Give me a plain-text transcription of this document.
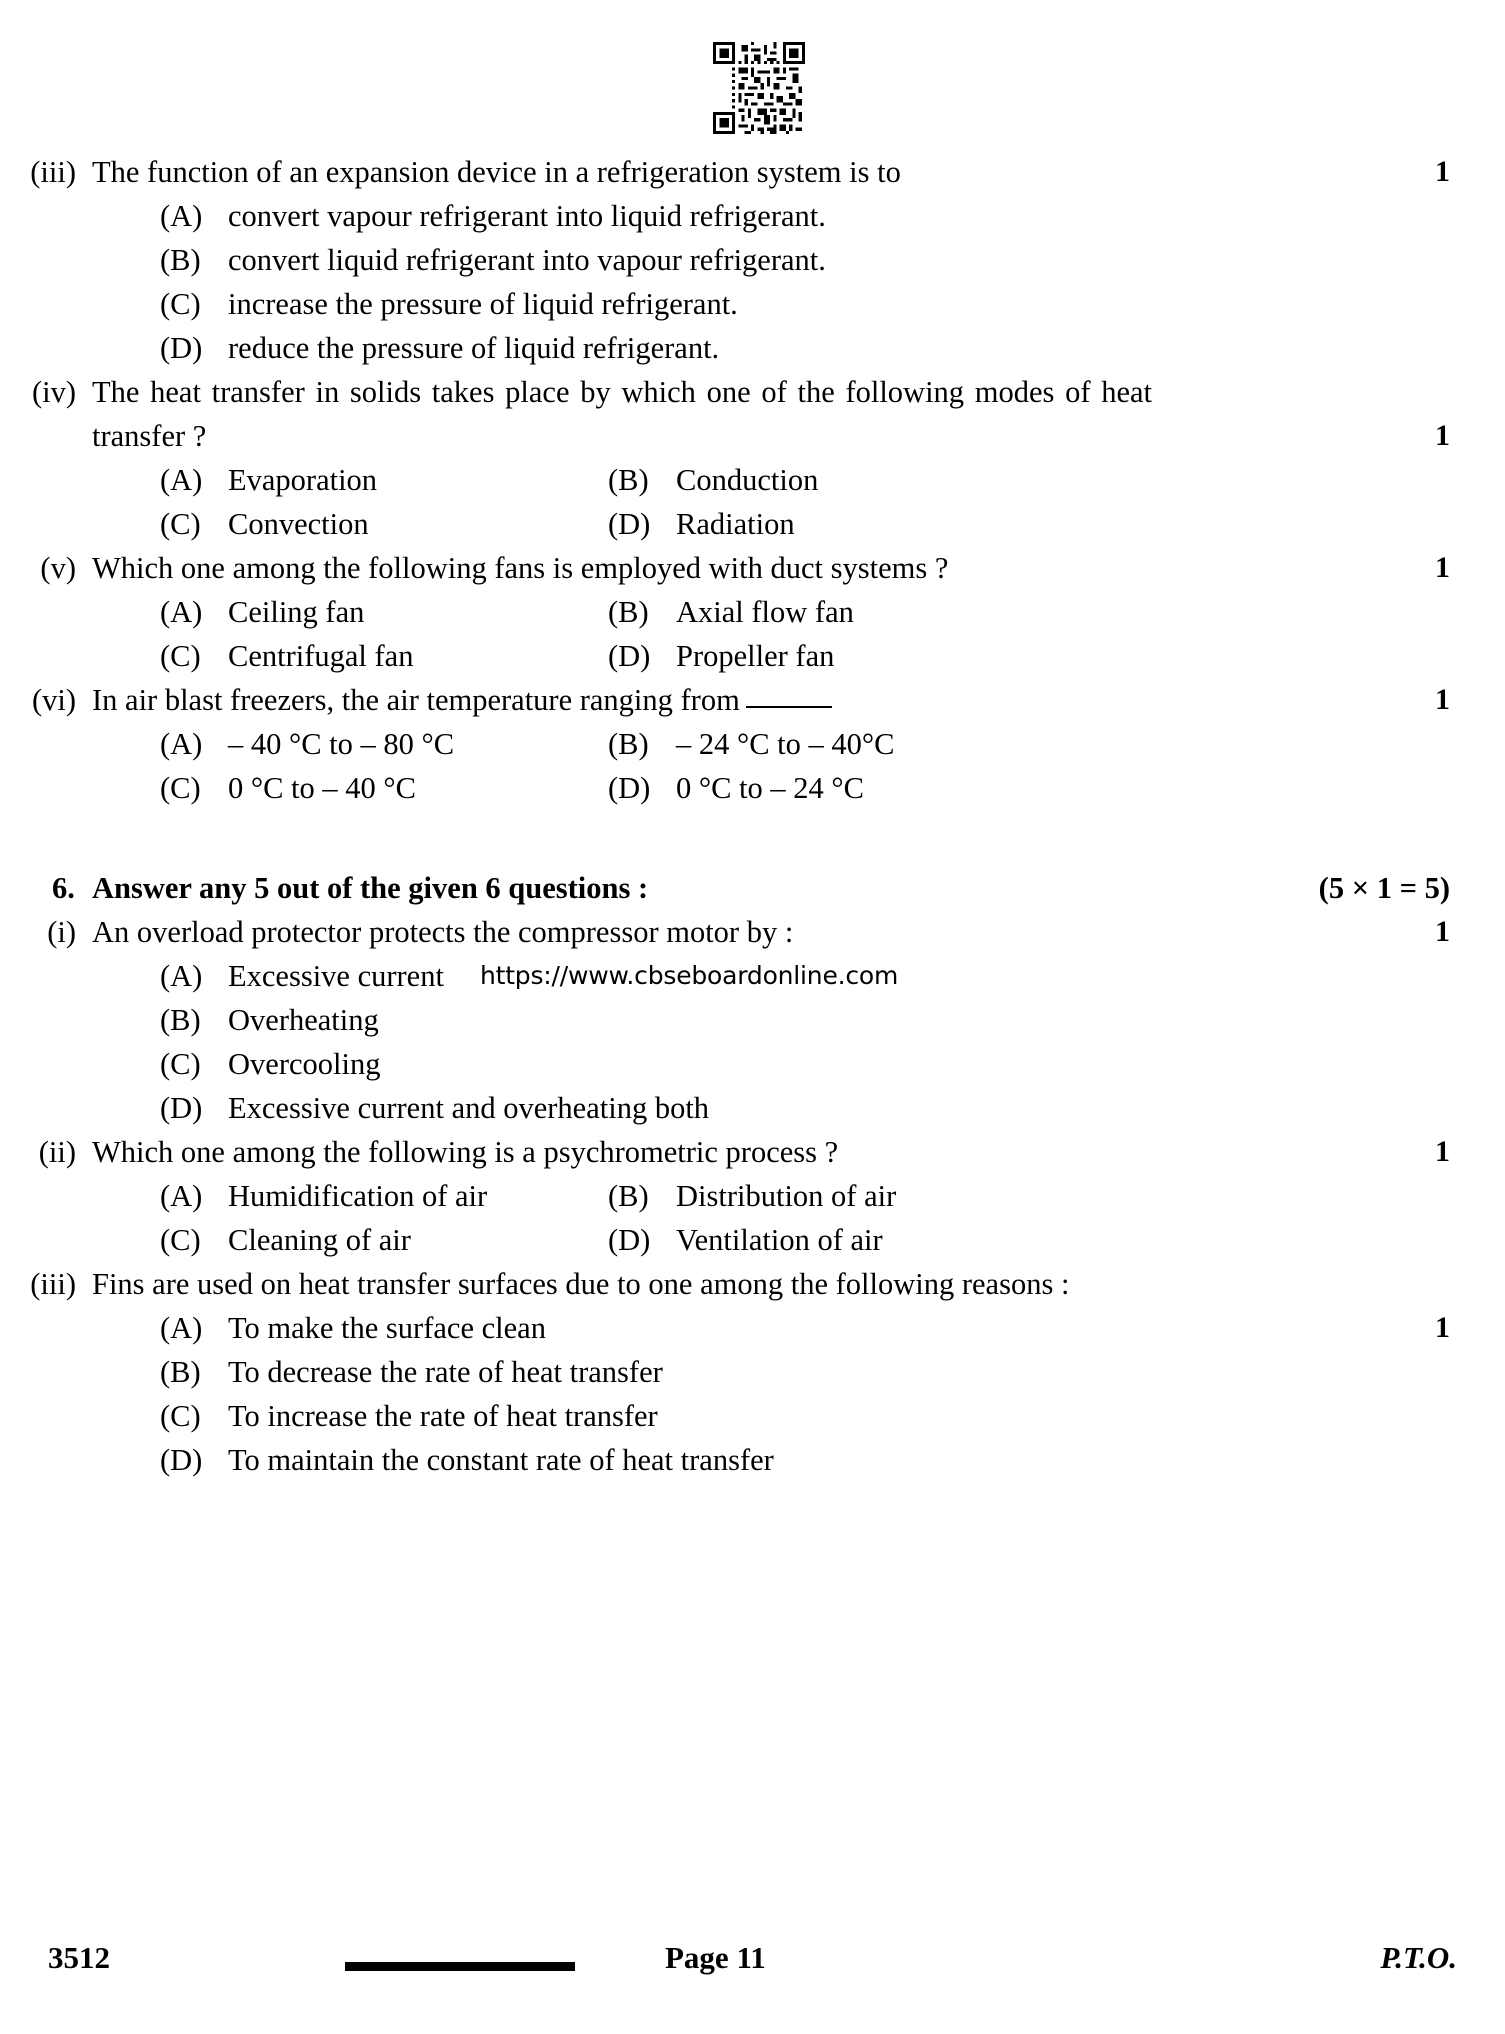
(iii) The function of an expansion device in a refrigeration system is to	1
(A) convert vapour refrigerant into liquid refrigerant.
(B) convert liquid refrigerant into vapour refrigerant.
(C) increase the pressure of liquid refrigerant.
(D) reduce the pressure of liquid refrigerant.
(iv) The heat transfer in solids takes place by which one of the following modes of heat transfer ?	1
(A) Evaporation	(B) Conduction
(C) Convection	(D) Radiation
(v) Which one among the following fans is employed with duct systems ?	1
(A) Ceiling fan	(B) Axial flow fan
(C) Centrifugal fan	(D) Propeller fan
(vi) In air blast freezers, the air temperature ranging from	1
(A) – 40 °C to – 80 °C	(B) – 24 °C to – 40°C
(C) 0 °C to – 40 °C	(D) 0 °C to – 24 °C
6. Answer any 5 out of the given 6 questions :	(5 × 1 = 5)
(i) An overload protector protects the compressor motor by :	1
(A) Excessive current https://www.cbseboardonline.com
(B) Overheating
(C) Overcooling
(D) Excessive current and overheating both
(ii) Which one among the following is a psychrometric process ?	1
(A) Humidification of air	(B) Distribution of air
(C) Cleaning of air	(D) Ventilation of air
(iii) Fins are used on heat transfer surfaces due to one among the following reasons :
1
(A) To make the surface clean
(B) To decrease the rate of heat transfer
(C) To increase the rate of heat transfer
(D) To maintain the constant rate of heat transfer
3512	Page 11	P.T.O.
